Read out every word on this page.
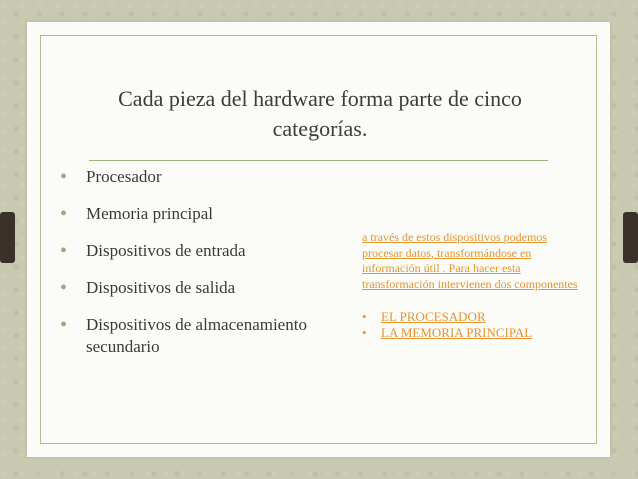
Cada pieza del hardware forma parte de cinco categorías.
• Procesador
• Memoria principal
• Dispositivos de entrada
• Dispositivos de salida
• Dispositivos de almacenamiento secundario

a través de estos dispositivos podemos procesar datos, transformándose en información útil . Para hacer esta transformación intervienen dos componentes

• EL PROCESADOR
• LA MEMORIA PRINCIPAL
